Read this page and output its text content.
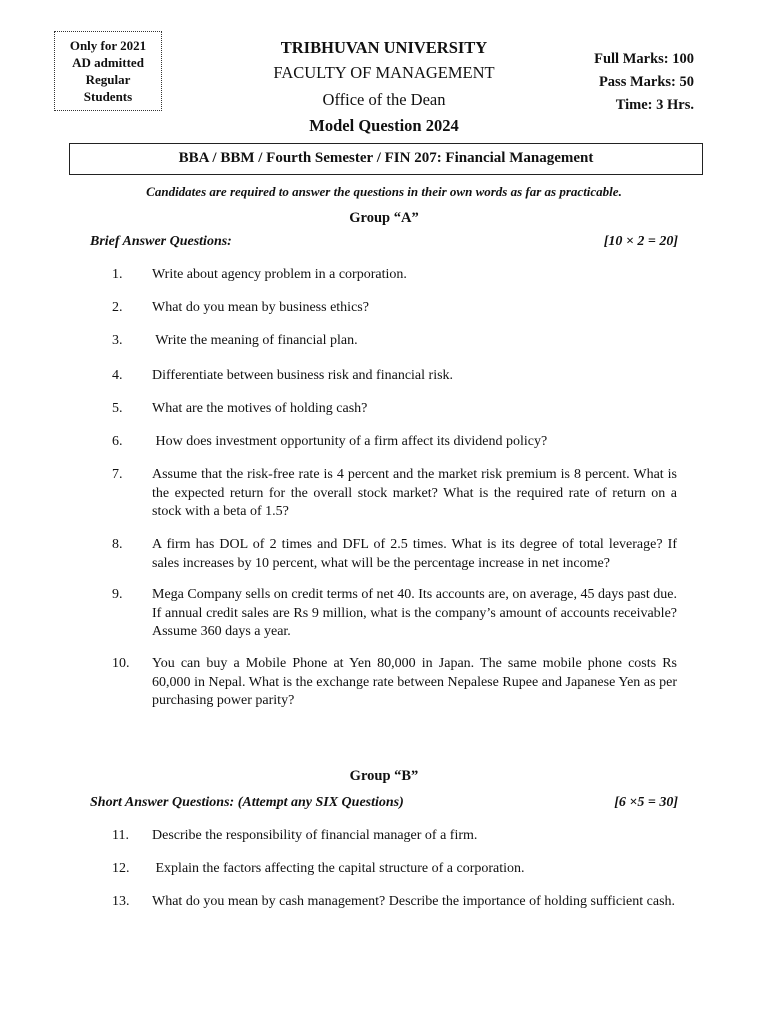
Only for 2021
AD admitted
Regular
Students
TRIBHUVAN UNIVERSITY
FACULTY OF MANAGEMENT
Office of the Dean
Model Question 2024
Full Marks: 100
Pass Marks: 50
Time: 3 Hrs.
BBA / BBM / Fourth Semester / FIN 207: Financial Management
Candidates are required to answer the questions in their own words as far as practicable.
Group “A”
Brief Answer Questions:	[10 × 2 = 20]
1. Write about agency problem in a corporation.
2. What do you mean by business ethics?
3. Write the meaning of financial plan.
4. Differentiate between business risk and financial risk.
5. What are the motives of holding cash?
6. How does investment opportunity of a firm affect its dividend policy?
7. Assume that the risk-free rate is 4 percent and the market risk premium is 8 percent. What is the expected return for the overall stock market? What is the required rate of return on a stock with a beta of 1.5?
8. A firm has DOL of 2 times and DFL of 2.5 times. What is its degree of total leverage? If sales increases by 10 percent, what will be the percentage increase in net income?
9. Mega Company sells on credit terms of net 40. Its accounts are, on average, 45 days past due. If annual credit sales are Rs 9 million, what is the company’s amount of accounts receivable? Assume 360 days a year.
10. You can buy a Mobile Phone at Yen 80,000 in Japan. The same mobile phone costs Rs 60,000 in Nepal. What is the exchange rate between Nepalese Rupee and Japanese Yen as per purchasing power parity?
Group “B”
Short Answer Questions: (Attempt any SIX Questions)	[6 ×5 = 30]
11. Describe the responsibility of financial manager of a firm.
12. Explain the factors affecting the capital structure of a corporation.
13. What do you mean by cash management? Describe the importance of holding sufficient cash.
